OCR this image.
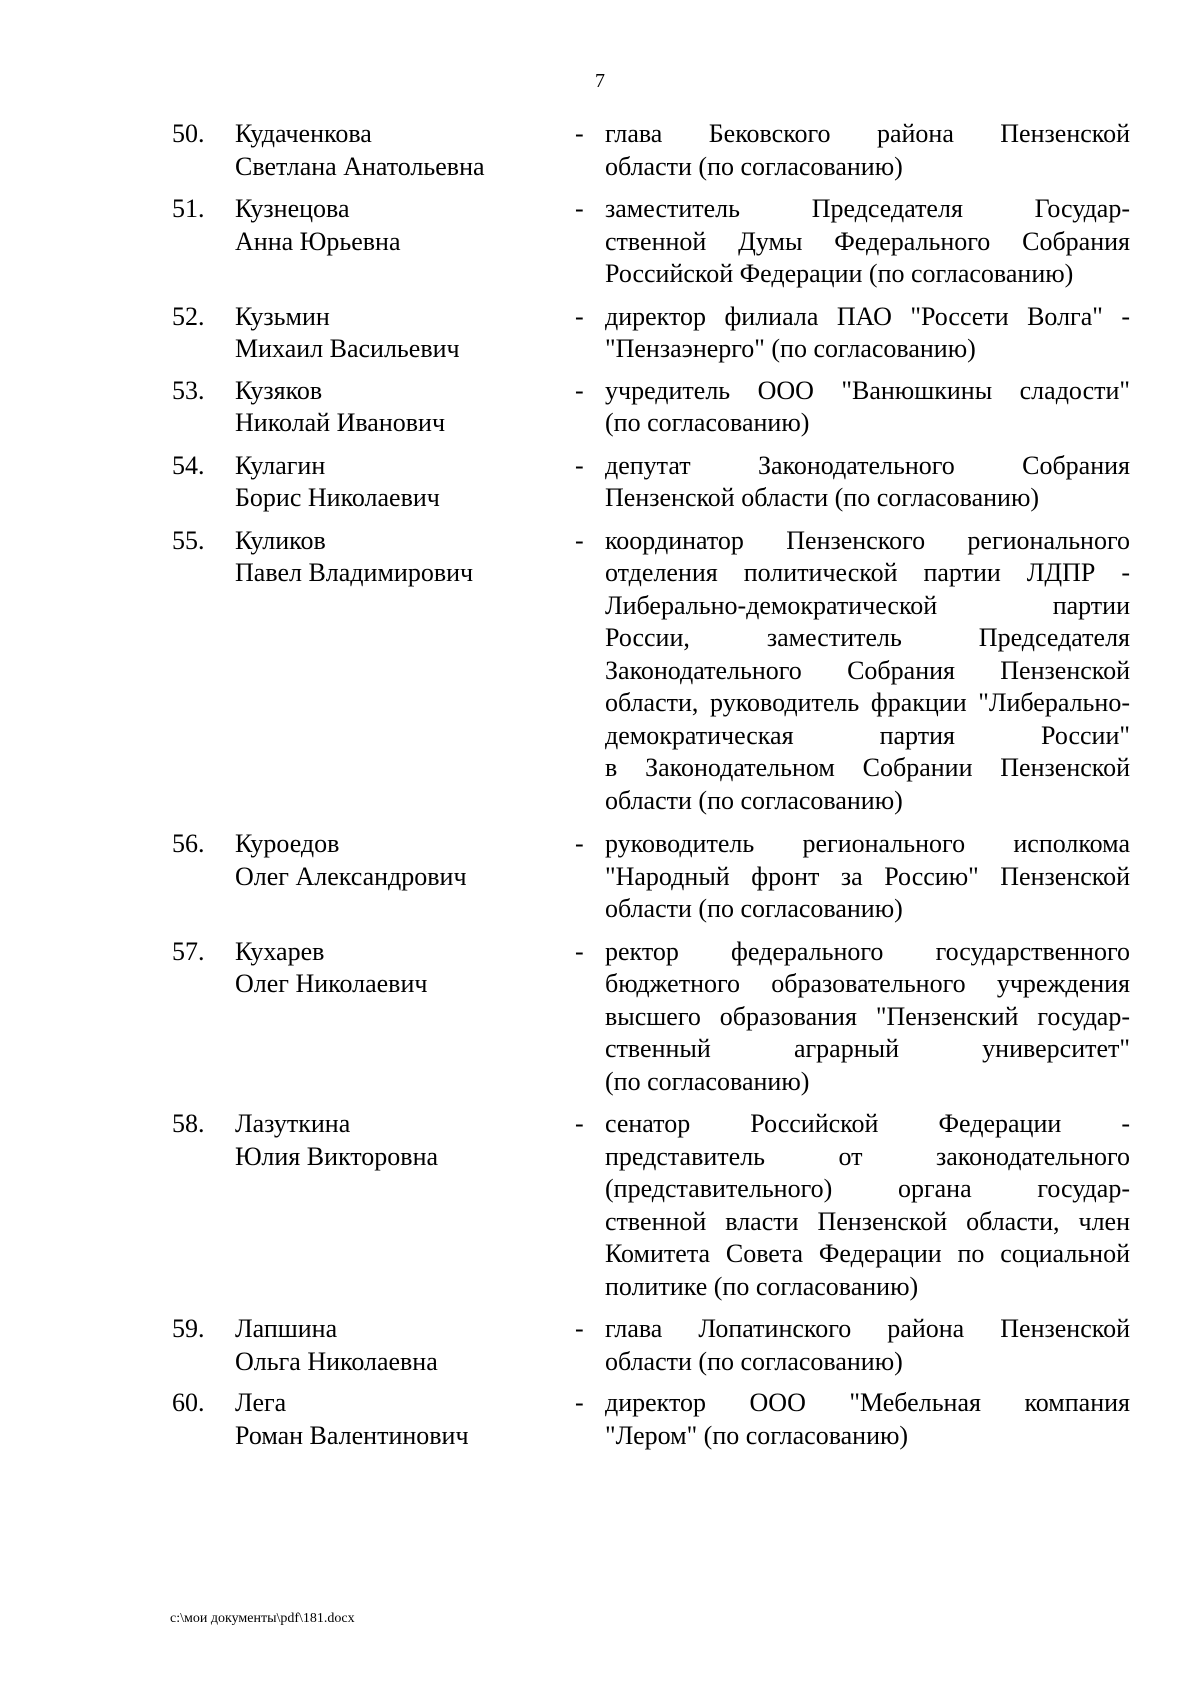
7
50.	Кудаченкова
Светлана Анатольевна
- глава Бековского района Пензенской
области (по согласованию)
51.	Кузнецова
Анна Юрьевна
- заместитель Председателя Государ-
ственной Думы Федерального Собрания
Российской Федерации (по согласованию)
52.	Кузьмин
Михаил Васильевич
- директор филиала ПАО "Россети Волга" -
"Пензаэнерго" (по согласованию)
53.	Кузяков
Николай Иванович
- учредитель ООО "Ванюшкины сладости"
(по согласованию)
54.	Кулагин
Борис Николаевич
- депутат Законодательного Собрания
Пензенской области (по согласованию)
55.	Куликов
Павел Владимирович
- координатор Пензенского регионального
отделения политической партии ЛДПР -
Либерально-демократической партии
России, заместитель Председателя
Законодательного Собрания Пензенской
области, руководитель фракции "Либерально-
демократическая партия России"
в Законодательном Собрании Пензенской
области (по согласованию)
56.	Куроедов
Олег Александрович
- руководитель регионального исполкома
"Народный фронт за Россию" Пензенской
области (по согласованию)
57.	Кухарев
Олег Николаевич
- ректор федерального государственного
бюджетного образовательного учреждения
высшего образования "Пензенский государ-
ственный аграрный университет"
(по согласованию)
58.	Лазуткина
Юлия Викторовна
- сенатор Российской Федерации -
представитель от законодательного
(представительного) органа государ-
ственной власти Пензенской области, член
Комитета Совета Федерации по социальной
политике (по согласованию)
59.	Лапшина
Ольга Николаевна
- глава Лопатинского района Пензенской
области (по согласованию)
60.	Лега
Роман Валентинович
- директор ООО "Мебельная компания
"Лером" (по согласованию)
c:\мои документы\pdf\181.docx
